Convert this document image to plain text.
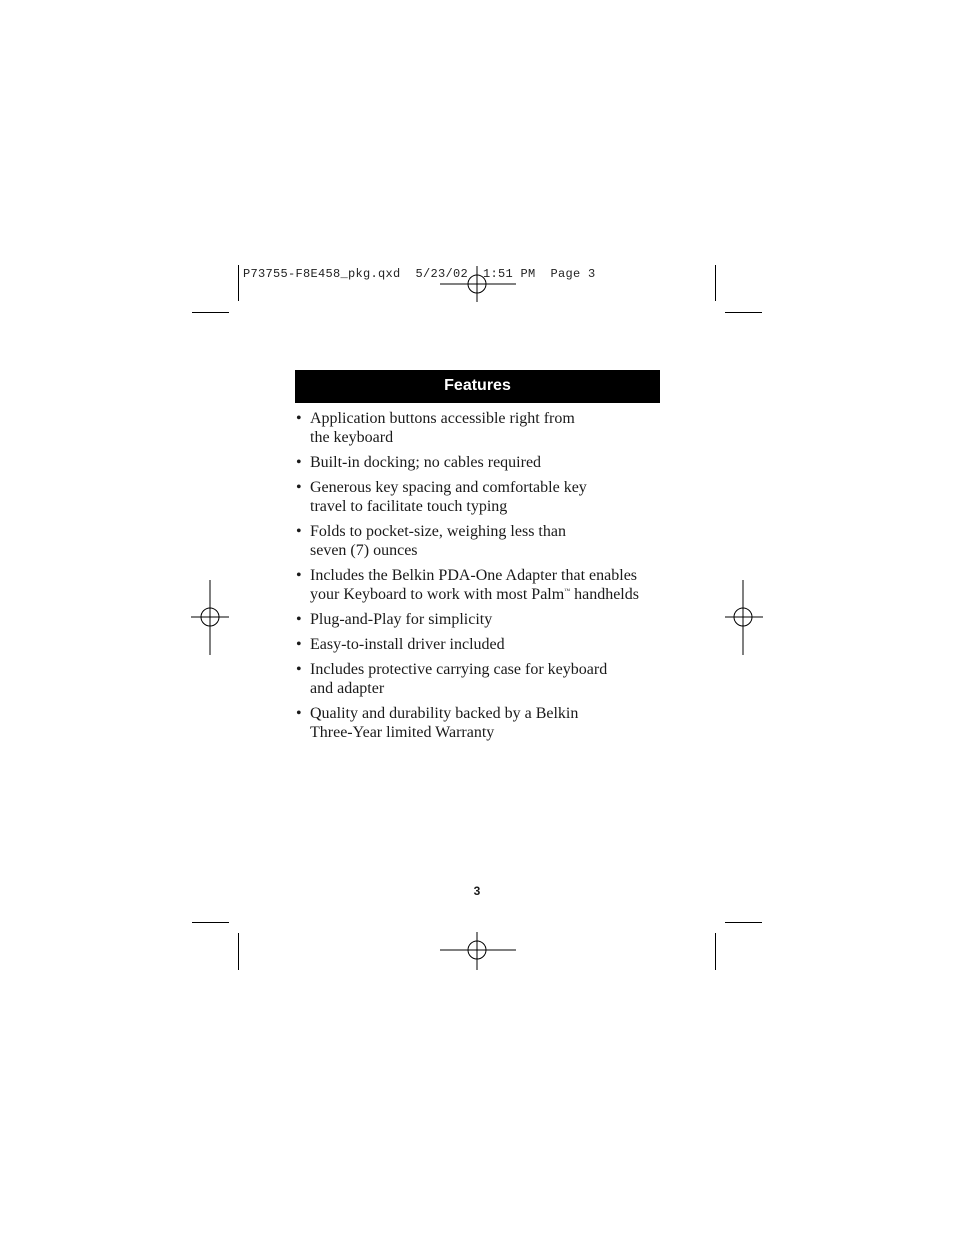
P73755-F8E458_pkg.qxd  5/23/02  1:51 PM  Page 3
Features
• Application buttons accessible right from
the keyboard
• Built-in docking; no cables required
• Generous key spacing and comfortable key
travel to facilitate touch typing
• Folds to pocket-size, weighing less than
seven (7) ounces
• Includes the Belkin PDA-One Adapter that enables
your Keyboard to work with most Palm™ handhelds
• Plug-and-Play for simplicity
• Easy-to-install driver included
• Includes protective carrying case for keyboard
and adapter
• Quality and durability backed by a Belkin
Three-Year limited Warranty
3
